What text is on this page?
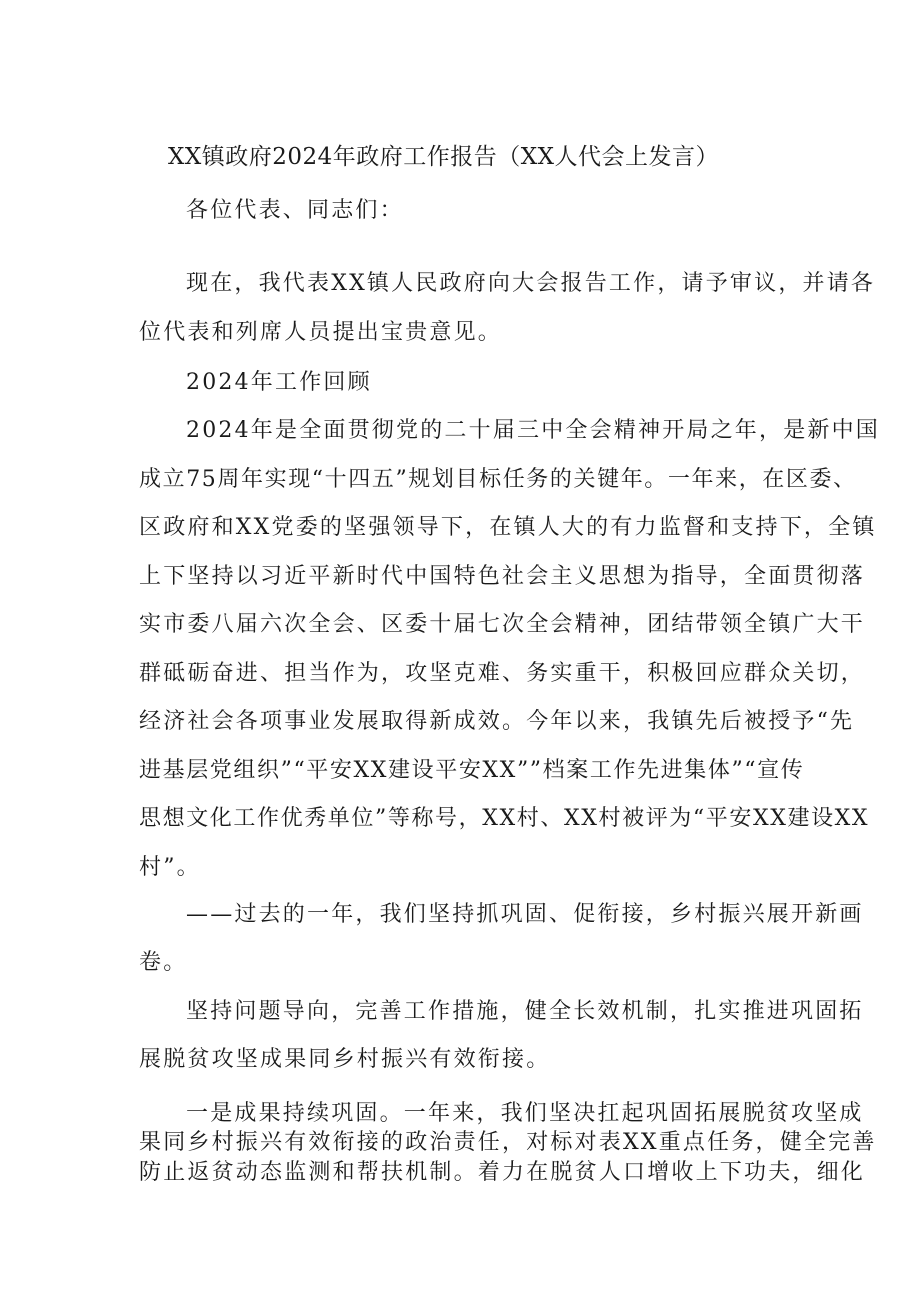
XX镇政府2024年政府工作报告（XX人代会上发言）
各位代表、同志们：
现在，我代表XX镇人民政府向大会报告工作，请予审议，并请各
位代表和列席人员提出宝贵意见。
2024年工作回顾
2024年是全面贯彻党的二十届三中全会精神开局之年，是新中国
成立75周年实现“十四五”规划目标任务的关键年。一年来，在区委、
区政府和XX党委的坚强领导下，在镇人大的有力监督和支持下，全镇
上下坚持以习近平新时代中国特色社会主义思想为指导，全面贯彻落
实市委八届六次全会、区委十届七次全会精神，团结带领全镇广大干
群砥砺奋进、担当作为，攻坚克难、务实重干，积极回应群众关切，
经济社会各项事业发展取得新成效。今年以来，我镇先后被授予“先
进基层党组织”“平安XX建设平安XX””档案工作先进集体”“宣传
思想文化工作优秀单位”等称号，XX村、XX村被评为“平安XX建设XX
村”。
——过去的一年，我们坚持抓巩固、促衔接，乡村振兴展开新画
卷。
坚持问题导向，完善工作措施，健全长效机制，扎实推进巩固拓
展脱贫攻坚成果同乡村振兴有效衔接。
一是成果持续巩固。一年来，我们坚决扛起巩固拓展脱贫攻坚成
果同乡村振兴有效衔接的政治责任，对标对表XX重点任务，健全完善
防止返贫动态监测和帮扶机制。着力在脱贫人口增收上下功夫，细化
